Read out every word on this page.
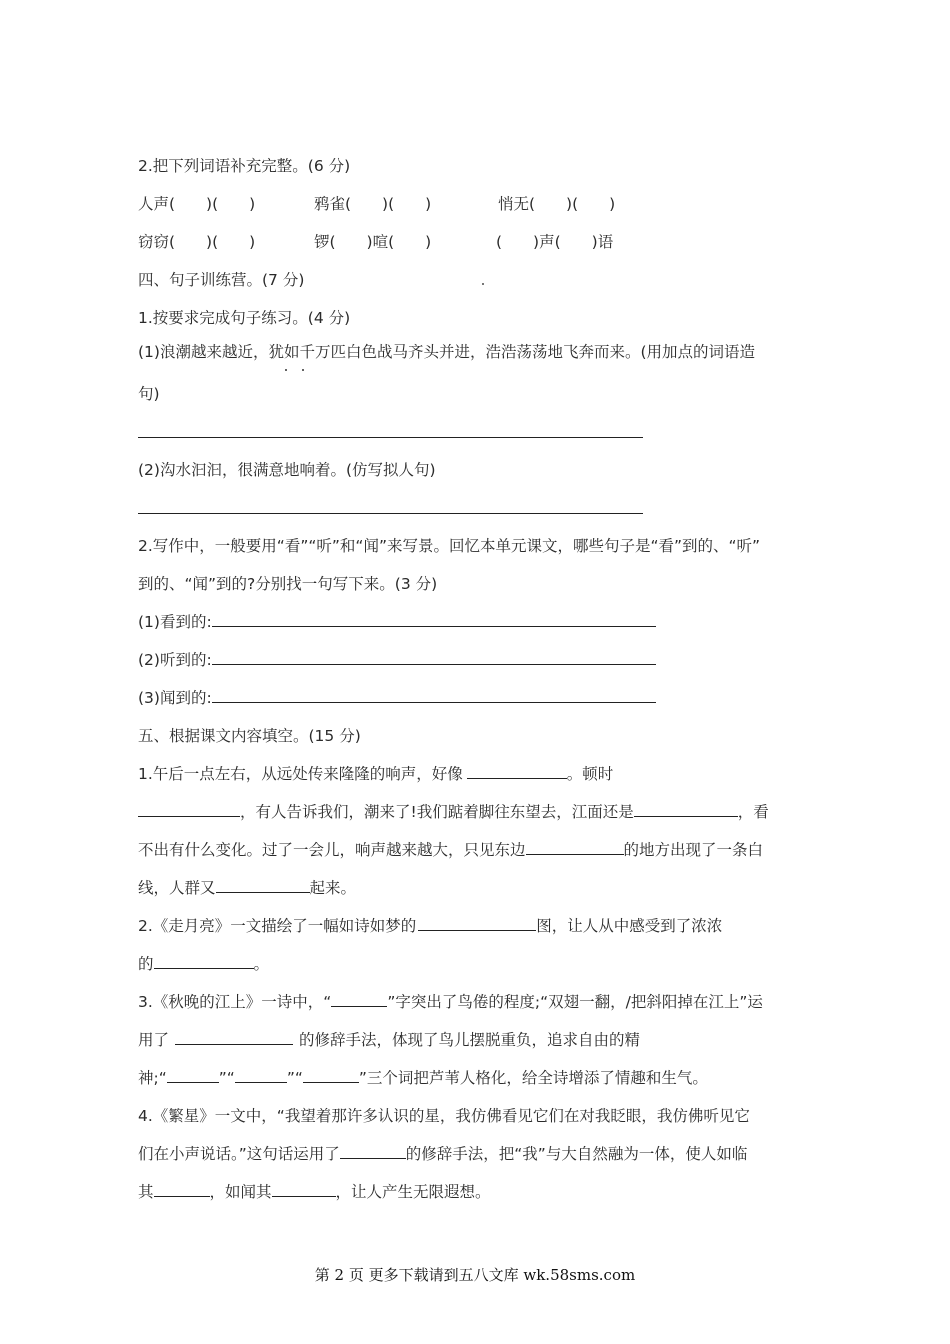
2.把下列词语补充完整。(6 分)
人声(　　)(　　)	鸦雀(　　)(　　)	悄无(　　)(　　)
窃窃(　　)(　　)	锣(　　)喧(　　)	(　　)声(　　)语
四、句子训练营。(7 分)
1.按要求完成句子练习。(4 分)
(1)浪潮越来越近，犹如千万匹白色战马齐头并进，浩浩荡荡地飞奔而来。(用加点的词语造
句)
(2)沟水汩汩，很满意地响着。(仿写拟人句)
2.写作中，一般要用“看”“听”和“闻”来写景。回忆本单元课文，哪些句子是“看”到的、“听”
到的、“闻”到的?分别找一句写下来。(3 分)
(1)看到的:
(2)听到的:
(3)闻到的:
五、根据课文内容填空。(15 分)
1.午后一点左右，从远处传来隆隆的响声，好像	。顿时
，有人告诉我们，潮来了!我们踮着脚往东望去，江面还是	，看
不出有什么变化。过了一会儿，响声越来越大，只见东边	的地方出现了一条白
线，人群又	起来。
2.《走月亮》一文描绘了一幅如诗如梦的	图，让人从中感受到了浓浓
的	。
3.《秋晚的江上》一诗中，“	”字突出了鸟倦的程度;“双翅一翻，/把斜阳掉在江上”运
用了	的修辞手法，体现了鸟儿摆脱重负，追求自由的精
神;“	”“	”“	”三个词把芦苇人格化，给全诗增添了情趣和生气。
4.《繁星》一文中，“我望着那许多认识的星，我仿佛看见它们在对我眨眼，我仿佛听见它
们在小声说话。”这句话运用了	的修辞手法，把“我”与大自然融为一体，使人如临
其	，如闻其	，让人产生无限遐想。
第 2 页 更多下载请到五八文库 wk.58sms.com
